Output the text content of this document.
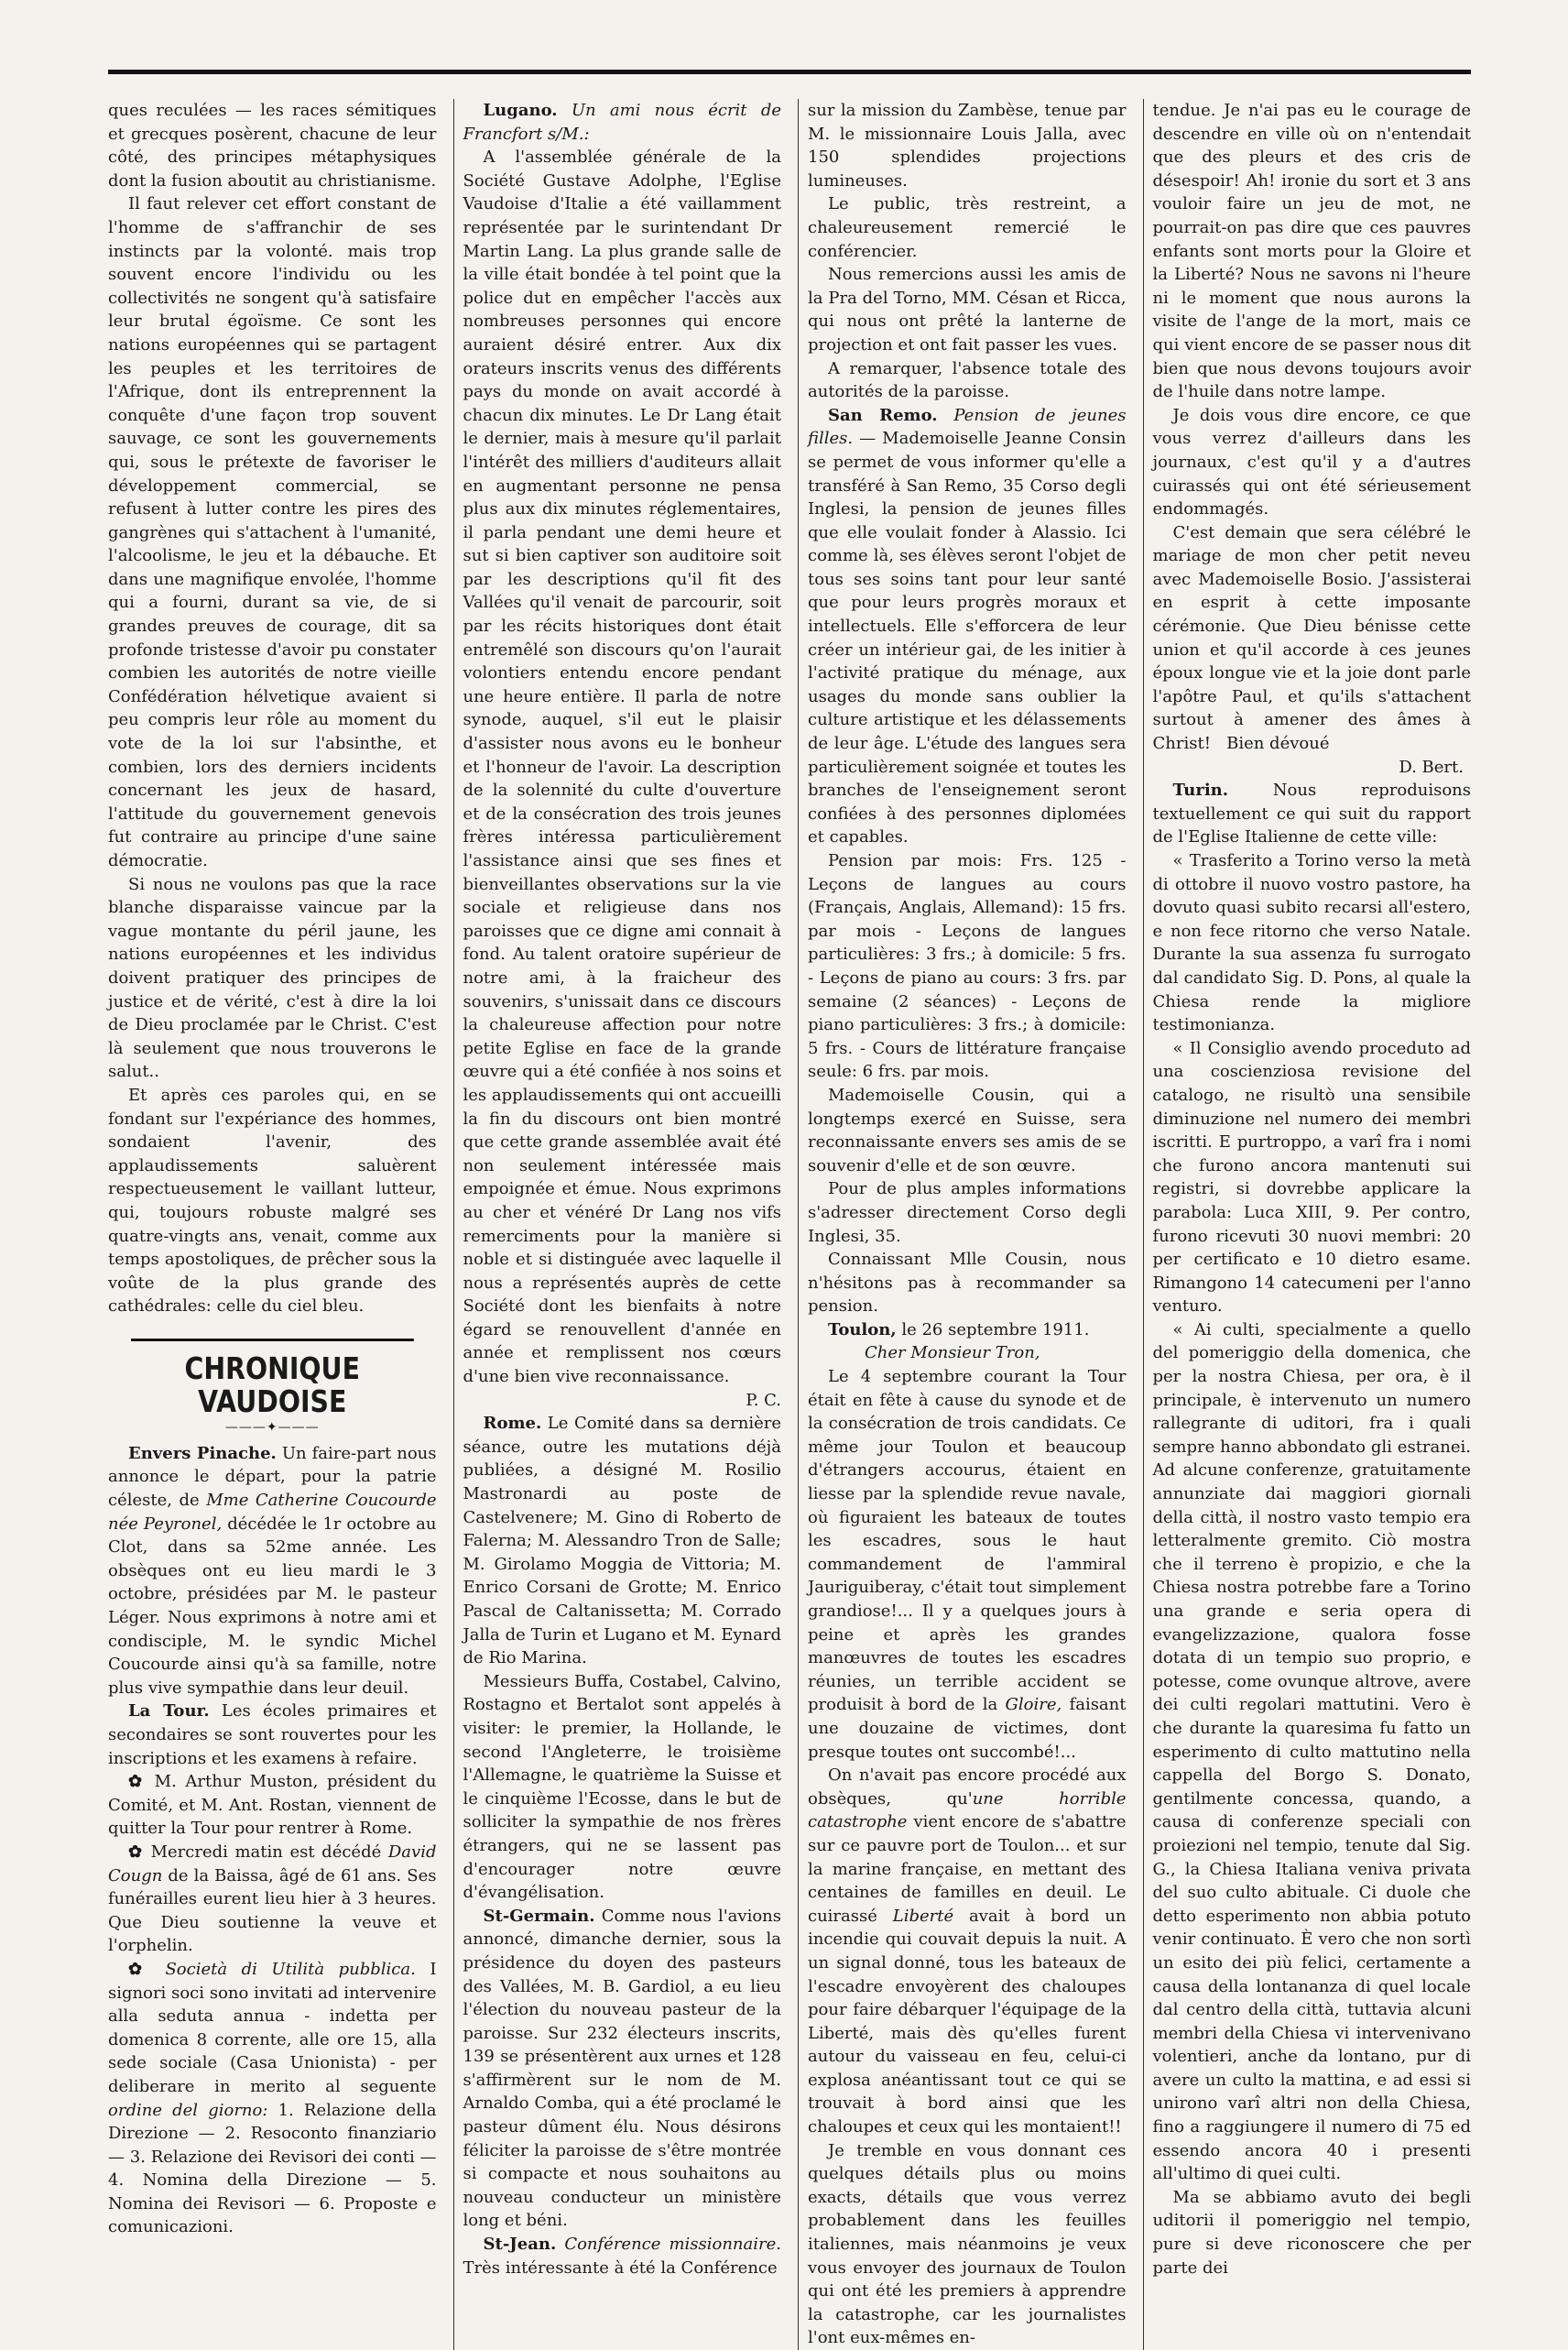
ques reculées — les races sémitiques et grecques posèrent, chacune de leur côté, des principes métaphysiques dont la fusion aboutit au christianisme.

Il faut relever cet effort constant de l'homme de s'affranchir de ses instincts par la volonté. mais trop souvent encore l'individu ou les collectivités ne songent qu'à satisfaire leur brutal égoïsme. Ce sont les nations européennes qui se partagent les peuples et les territoires de l'Afrique, dont ils entreprennent la conquête d'une façon trop souvent sauvage, ce sont les gouvernements qui, sous le prétexte de favoriser le développement commercial, se refusent à lutter contre les pires des gangrènes qui s'attachent à l'umanité, l'alcoolisme, le jeu et la débauche. Et dans une magnifique envolée, l'homme qui a fourni, durant sa vie, de si grandes preuves de courage, dit sa profonde tristesse d'avoir pu constater combien les autorités de notre vieille Confédération hélvetique avaient si peu compris leur rôle au moment du vote de la loi sur l'absinthe, et combien, lors des derniers incidents concernant les jeux de hasard, l'attitude du gouvernement genevois fut contraire au principe d'une saine démocratie.

Si nous ne voulons pas que la race blanche disparaisse vaincue par la vague montante du péril jaune, les nations européennes et les individus doivent pratiquer des principes de justice et de vérité, c'est à dire la loi de Dieu proclamée par le Christ. C'est là seulement que nous trouverons le salut..

Et après ces paroles qui, en se fondant sur l'expériance des hommes, sondaient l'avenir, des applaudissements saluèrent respectueusement le vaillant lutteur, qui, toujours robuste malgré ses quatre-vingts ans, venait, comme aux temps apostoliques, de prêcher sous la voûte de la plus grande des cathédrales: celle du ciel bleu.

CHRONIQUE VAUDOISE
———✦———

Envers Pinache. Un faire-part nous annonce le départ, pour la patrie céleste, de Mme Catherine Coucourde née Peyronel, décédée le 1r octobre au Clot, dans sa 52me année. Les obsèques ont eu lieu mardi le 3 octobre, présidées par M. le pasteur Léger. Nous exprimons à notre ami et condisciple, M. le syndic Michel Coucourde ainsi qu'à sa famille, notre plus vive sympathie dans leur deuil.

La Tour. Les écoles primaires et secondaires se sont rouvertes pour les inscriptions et les examens à refaire.

✿ M. Arthur Muston, président du Comité, et M. Ant. Rostan, viennent de quitter la Tour pour rentrer à Rome.

✿ Mercredi matin est décédé David Cougn de la Baissa, âgé de 61 ans. Ses funérailles eurent lieu hier à 3 heures. Que Dieu soutienne la veuve et l'orphelin.

✿ Società di Utilità pubblica. I signori soci sono invitati ad intervenire alla seduta annua - indetta per domenica 8 corrente, alle ore 15, alla sede sociale (Casa Unionista) - per deliberare in merito al seguente ordine del giorno: 1. Relazione della Direzione — 2. Resoconto finanziario — 3. Relazione dei Revisori dei conti — 4. Nomina della Direzione — 5. Nomina dei Revisori — 6. Proposte e comunicazioni.

Lugano. Un ami nous écrit de Francfort s/M.:

A l'assemblée générale de la Société Gustave Adolphe, l'Eglise Vaudoise d'Italie a été vaillamment représentée par le surintendant Dr Martin Lang. La plus grande salle de la ville était bondée à tel point que la police dut en empêcher l'accès aux nombreuses personnes qui encore auraient désiré entrer. Aux dix orateurs inscrits venus des différents pays du monde on avait accordé à chacun dix minutes. Le Dr Lang était le dernier, mais à mesure qu'il parlait l'intérêt des milliers d'auditeurs allait en augmentant personne ne pensa plus aux dix minutes réglementaires, il parla pendant une demi heure et sut si bien captiver son auditoire soit par les descriptions qu'il fit des Vallées qu'il venait de parcourir, soit par les récits historiques dont était entremêlé son discours qu'on l'aurait volontiers entendu encore pendant une heure entière. Il parla de notre synode, auquel, s'il eut le plaisir d'assister nous avons eu le bonheur et l'honneur de l'avoir. La description de la solennité du culte d'ouverture et de la consécration des trois jeunes frères intéressa particulièrement l'assistance ainsi que ses fines et bienveillantes observations sur la vie sociale et religieuse dans nos paroisses que ce digne ami connait à fond. Au talent oratoire supérieur de notre ami, à la fraicheur des souvenirs, s'unissait dans ce discours la chaleureuse affection pour notre petite Eglise en face de la grande œuvre qui a été confiée à nos soins et les applaudissements qui ont accueilli la fin du discours ont bien montré que cette grande assemblée avait été non seulement intéressée mais empoignée et émue. Nous exprimons au cher et vénéré Dr Lang nos vifs remerciments pour la manière si noble et si distinguée avec laquelle il nous a représentés auprès de cette Société dont les bienfaits à notre égard se renouvellent d'année en année et remplissent nos cœurs d'une bien vive reconnaissance.

P. C.

Rome. Le Comité dans sa dernière séance, outre les mutations déjà publiées, a désigné M. Rosilio Mastronardi au poste de Castelvenere; M. Gino di Roberto de Falerna; M. Alessandro Tron de Salle; M. Girolamo Moggia de Vittoria; M. Enrico Corsani de Grotte; M. Enrico Pascal de Caltanissetta; M. Corrado Jalla de Turin et Lugano et M. Eynard de Rio Marina.

Messieurs Buffa, Costabel, Calvino, Rostagno et Bertalot sont appelés à visiter: le premier, la Hollande, le second l'Angleterre, le troisième l'Allemagne, le quatrième la Suisse et le cinquième l'Ecosse, dans le but de solliciter la sympathie de nos frères étrangers, qui ne se lassent pas d'encourager notre œuvre d'évangélisation.

St-Germain. Comme nous l'avions annoncé, dimanche dernier, sous la présidence du doyen des pasteurs des Vallées, M. B. Gardiol, a eu lieu l'élection du nouveau pasteur de la paroisse. Sur 232 électeurs inscrits, 139 se présentèrent aux urnes et 128 s'affirmèrent sur le nom de M. Arnaldo Comba, qui a été proclamé le pasteur dûment élu. Nous désirons féliciter la paroisse de s'être montrée si compacte et nous souhaitons au nouveau conducteur un ministère long et béni.

St-Jean. Conférence missionnaire. Très intéressante à été la Conférence

sur la mission du Zambèse, tenue par M. le missionnaire Louis Jalla, avec 150 splendides projections lumineuses.

Le public, très restreint, a chaleureusement remercié le conférencier.

Nous remercions aussi les amis de la Pra del Torno, MM. Césan et Ricca, qui nous ont prêté la lanterne de projection et ont fait passer les vues.

A remarquer, l'absence totale des autorités de la paroisse.

San Remo. Pension de jeunes filles. — Mademoiselle Jeanne Consin se permet de vous informer qu'elle a transféré à San Remo, 35 Corso degli Inglesi, la pension de jeunes filles que elle voulait fonder à Alassio. Ici comme là, ses élèves seront l'objet de tous ses soins tant pour leur santé que pour leurs progrès moraux et intellectuels. Elle s'efforcera de leur créer un intérieur gai, de les initier à l'activité pratique du ménage, aux usages du monde sans oublier la culture artistique et les délassements de leur âge. L'étude des langues sera particulièrement soignée et toutes les branches de l'enseignement seront confiées à des personnes diplomées et capables.

Pension par mois: Frs. 125 - Leçons de langues au cours (Français, Anglais, Allemand): 15 frs. par mois - Leçons de langues particulières: 3 frs.; à domicile: 5 frs. - Leçons de piano au cours: 3 frs. par semaine (2 séances) - Leçons de piano particulières: 3 frs.; à domicile: 5 frs. - Cours de littérature française seule: 6 frs. par mois.

Mademoiselle Cousin, qui a longtemps exercé en Suisse, sera reconnaissante envers ses amis de se souvenir d'elle et de son œuvre.

Pour de plus amples informations s'adresser directement Corso degli Inglesi, 35.

Connaissant Mlle Cousin, nous n'hésitons pas à recommander sa pension.

Toulon, le 26 septembre 1911.

Cher Monsieur Tron,

Le 4 septembre courant la Tour était en fête à cause du synode et de la consécration de trois candidats. Ce même jour Toulon et beaucoup d'étrangers accourus, étaient en liesse par la splendide revue navale, où figuraient les bateaux de toutes les escadres, sous le haut commandement de l'ammiral Jauriguiberay, c'était tout simplement grandiose!... Il y a quelques jours à peine et après les grandes manœuvres de toutes les escadres réunies, un terrible accident se produisit à bord de la Gloire, faisant une douzaine de victimes, dont presque toutes ont succombé!...

On n'avait pas encore procédé aux obsèques, qu'une horrible catastrophe vient encore de s'abattre sur ce pauvre port de Toulon... et sur la marine française, en mettant des centaines de familles en deuil. Le cuirassé Liberté avait à bord un incendie qui couvait depuis la nuit. A un signal donné, tous les bateaux de l'escadre envoyèrent des chaloupes pour faire débarquer l'équipage de la Liberté, mais dès qu'elles furent autour du vaisseau en feu, celui-ci explosa anéantissant tout ce qui se trouvait à bord ainsi que les chaloupes et ceux qui les montaient!!

Je tremble en vous donnant ces quelques détails plus ou moins exacts, détails que vous verrez probablement dans les feuilles italiennes, mais néanmoins je veux vous envoyer des journaux de Toulon qui ont été les premiers à apprendre la catastrophe, car les journalistes l'ont eux-mêmes en-

tendue. Je n'ai pas eu le courage de descendre en ville où on n'entendait que des pleurs et des cris de désespoir! Ah! ironie du sort et 3 ans vouloir faire un jeu de mot, ne pourrait-on pas dire que ces pauvres enfants sont morts pour la Gloire et la Liberté? Nous ne savons ni l'heure ni le moment que nous aurons la visite de l'ange de la mort, mais ce qui vient encore de se passer nous dit bien que nous devons toujours avoir de l'huile dans notre lampe.

Je dois vous dire encore, ce que vous verrez d'ailleurs dans les journaux, c'est qu'il y a d'autres cuirassés qui ont été sérieusement endommagés.

C'est demain que sera célébré le mariage de mon cher petit neveu avec Mademoiselle Bosio. J'assisterai en esprit à cette imposante cérémonie. Que Dieu bénisse cette union et qu'il accorde à ces jeunes époux longue vie et la joie dont parle l'apôtre Paul, et qu'ils s'attachent surtout à amener des âmes à Christ! Bien dévoué

D. Bert.

Turin. Nous reproduisons textuellement ce qui suit du rapport de l'Eglise Italienne de cette ville:

« Trasferito a Torino verso la metà di ottobre il nuovo vostro pastore, ha dovuto quasi subito recarsi all'estero, e non fece ritorno che verso Natale. Durante la sua assenza fu surrogato dal candidato Sig. D. Pons, al quale la Chiesa rende la migliore testimonianza.

« Il Consiglio avendo proceduto ad una coscienziosa revisione del catalogo, ne risultò una sensibile diminuzione nel numero dei membri iscritti. E purtroppo, a varî fra i nomi che furono ancora mantenuti sui registri, si dovrebbe applicare la parabola: Luca XIII, 9. Per contro, furono ricevuti 30 nuovi membri: 20 per certificato e 10 dietro esame. Rimangono 14 catecumeni per l'anno venturo.

« Ai culti, specialmente a quello del pomeriggio della domenica, che per la nostra Chiesa, per ora, è il principale, è intervenuto un numero rallegrante di uditori, fra i quali sempre hanno abbondato gli estranei. Ad alcune conferenze, gratuitamente annunziate dai maggiori giornali della città, il nostro vasto tempio era letteralmente gremito. Ciò mostra che il terreno è propizio, e che la Chiesa nostra potrebbe fare a Torino una grande e seria opera di evangelizzazione, qualora fosse dotata di un tempio suo proprio, e potesse, come ovunque altrove, avere dei culti regolari mattutini. Vero è che durante la quaresima fu fatto un esperimento di culto mattutino nella cappella del Borgo S. Donato, gentilmente concessa, quando, a causa di conferenze speciali con proiezioni nel tempio, tenute dal Sig. G., la Chiesa Italiana veniva privata del suo culto abituale. Ci duole che detto esperimento non abbia potuto venir continuato. È vero che non sortì un esito dei più felici, certamente a causa della lontananza di quel locale dal centro della città, tuttavia alcuni membri della Chiesa vi intervenivano volentieri, anche da lontano, pur di avere un culto la mattina, e ad essi si unirono varî altri non della Chiesa, fino a raggiungere il numero di 75 ed essendo ancora 40 i presenti all'ultimo di quei culti.

Ma se abbiamo avuto dei begli uditorii il pomeriggio nel tempio, pure si deve riconoscere che per parte dei
